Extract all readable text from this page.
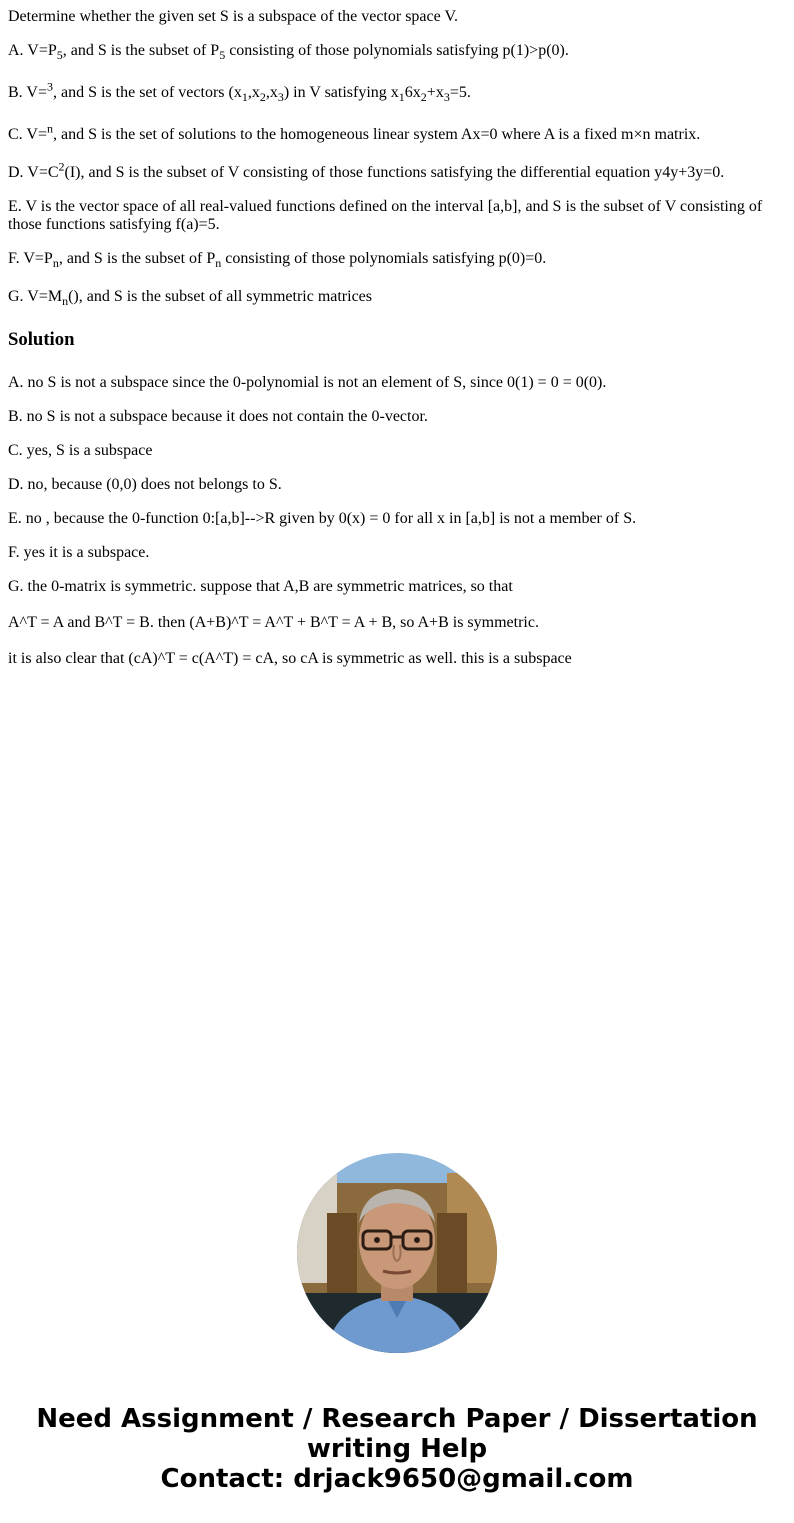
Determine whether the given set S is a subspace of the vector space V.

A. $V=P_5$, and S is the subset of $P_5$ consisting of those polynomials satisfying p(1)>p(0).

B. V=$^3$, and S is the set of vectors $(x_1,x_2,x_3)$ in V satisfying $x_16x_2+x_3=5$.

C. V=$^n$, and S is the set of solutions to the homogeneous linear system Ax=0 where A is a fixed m×n matrix.

D. $V=C^2(I)$, and S is the subset of V consisting of those functions satisfying the differential equation y4y+3y=0.

E. V is the vector space of all real-valued functions defined on the interval [a,b], and S is the subset of V consisting of those functions satisfying f(a)=5.

F. $V=P_n$, and S is the subset of $P_n$ consisting of those polynomials satisfying p(0)=0.

G. $V=M_n()$, and S is the subset of all symmetric matrices

Solution

A. no S is not a subspace since the 0-polynomial is not an element of S, since 0(1) = 0 = 0(0).

B. no S is not a subspace because it does not contain the 0-vector.

C. yes, S is a subspace

D. no, because (0,0) does not belongs to S.

E. no , because the 0-function 0:[a,b]-->R given by 0(x) = 0 for all x in [a,b] is not a member of S.

F. yes it is a subspace.

G. the 0-matrix is symmetric. suppose that A,B are symmetric matrices, so that

A^T = A and B^T = B. then (A+B)^T = A^T + B^T = A + B, so A+B is symmetric.

it is also clear that (cA)^T = c(A^T) = cA, so cA is symmetric as well. this is a subspace

Need Assignment / Research Paper / Dissertation writing Help
Contact: drjack9650@gmail.com
